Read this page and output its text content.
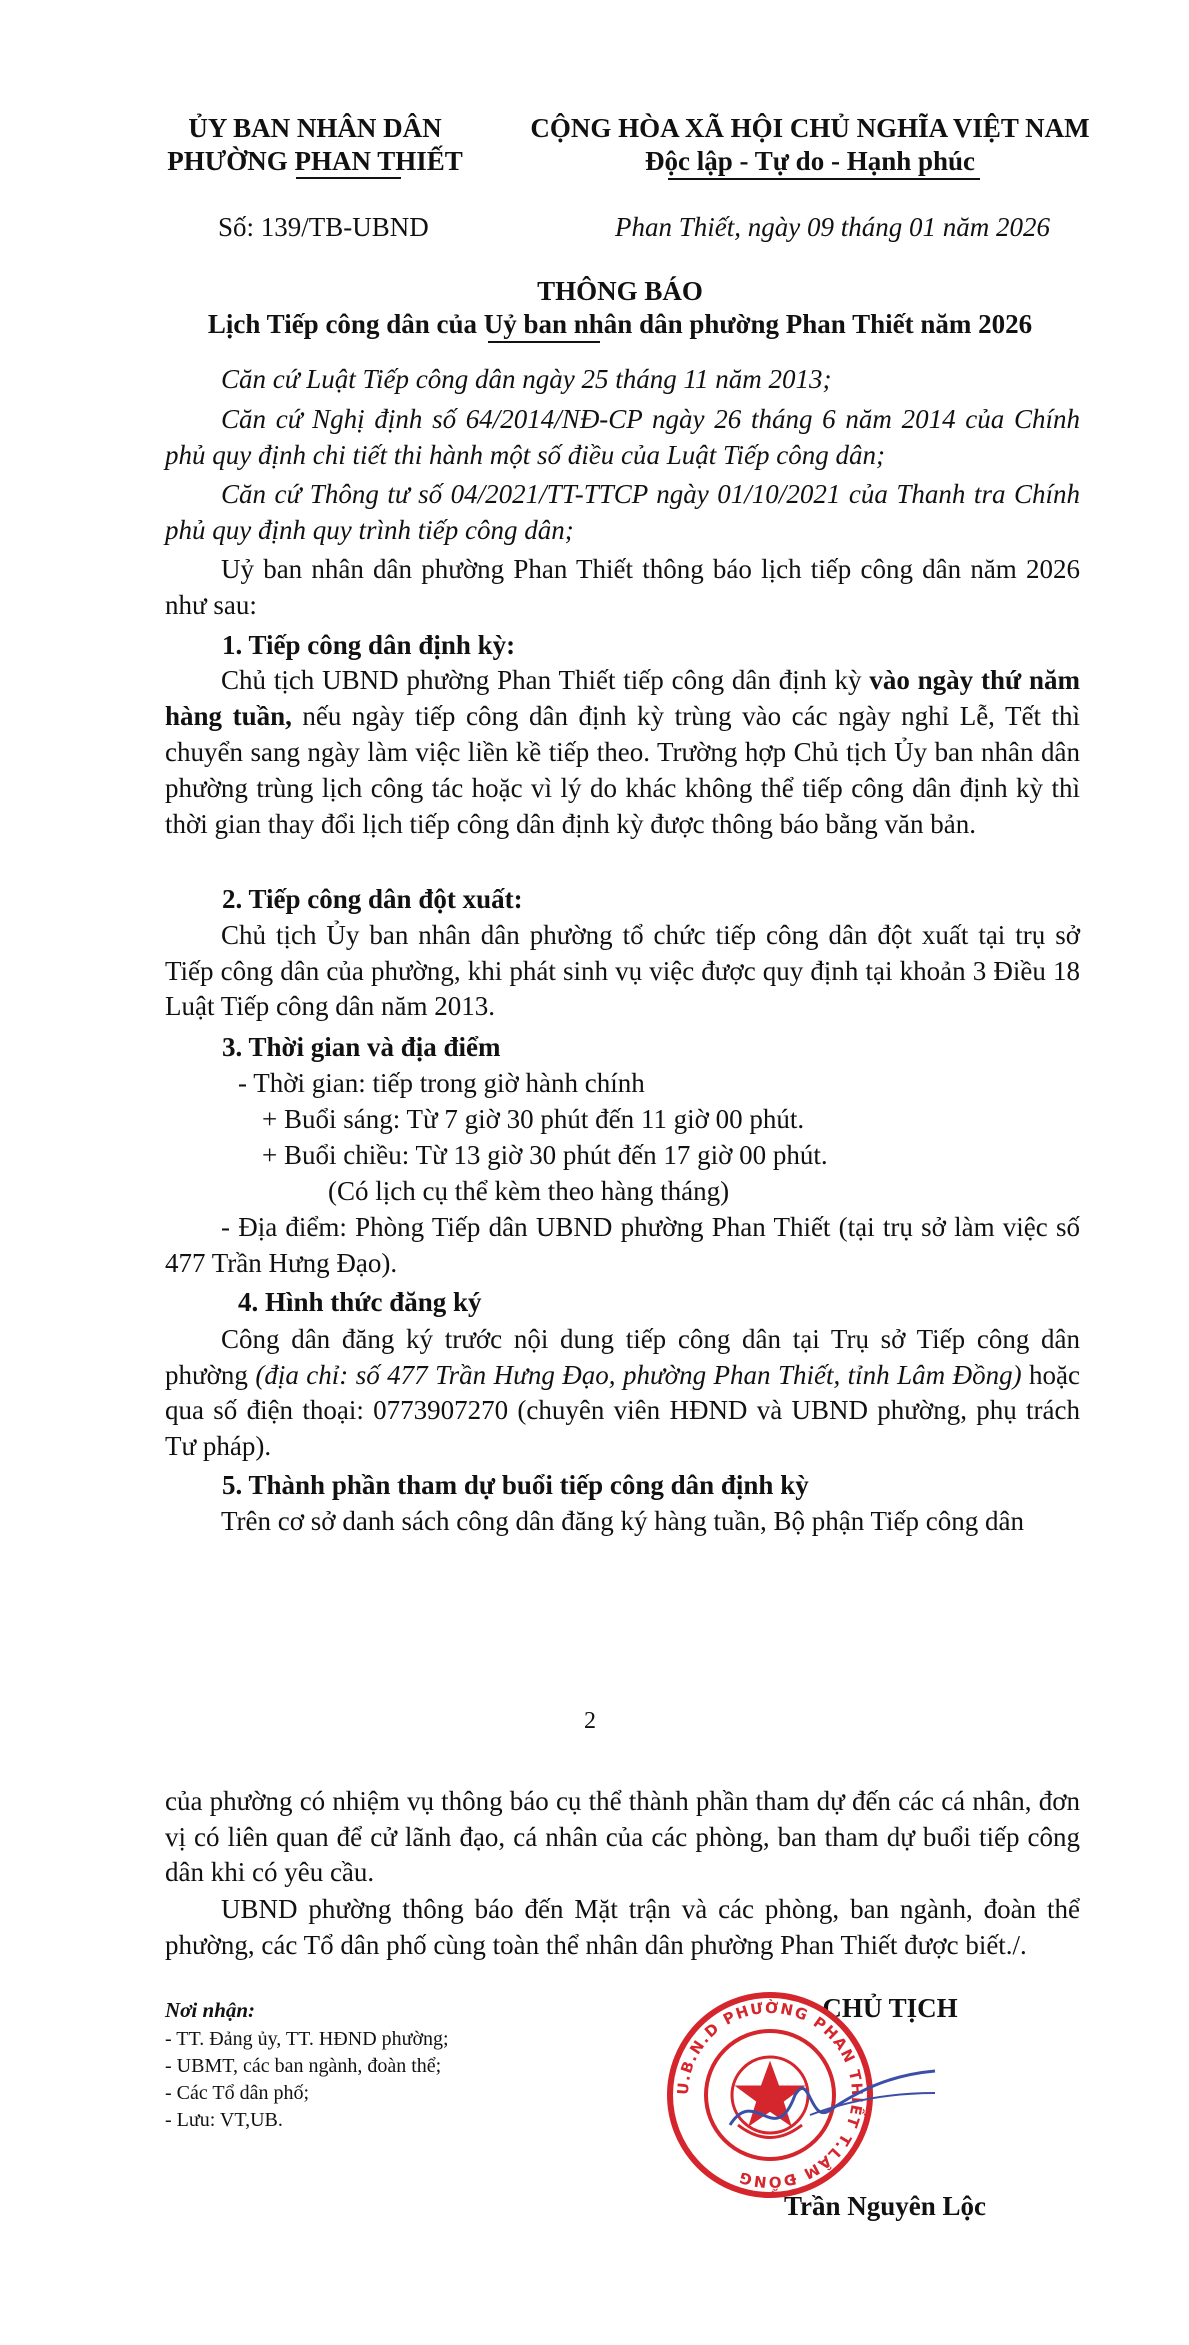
ỦY BAN NHÂN DÂN
PHƯỜNG PHAN THIẾT
CỘNG HÒA XÃ HỘI CHỦ NGHĨA VIỆT NAM
Độc lập - Tự do - Hạnh phúc
Số: 139/TB-UBND	Phan Thiết, ngày 09 tháng 01 năm 2026
THÔNG BÁO
Lịch Tiếp công dân của Uỷ ban nhân dân phường Phan Thiết năm 2026

Căn cứ Luật Tiếp công dân ngày 25 tháng 11 năm 2013;

Căn cứ Nghị định số 64/2014/NĐ-CP ngày 26 tháng 6 năm 2014 của Chính phủ quy định chi tiết thi hành một số điều của Luật Tiếp công dân;

Căn cứ Thông tư số 04/2021/TT-TTCP ngày 01/10/2021 của Thanh tra Chính phủ quy định quy trình tiếp công dân;

Uỷ ban nhân dân phường Phan Thiết thông báo lịch tiếp công dân năm 2026 như sau:

1. Tiếp công dân định kỳ:

Chủ tịch UBND phường Phan Thiết tiếp công dân định kỳ vào ngày thứ năm hàng tuần, nếu ngày tiếp công dân định kỳ trùng vào các ngày nghỉ Lễ, Tết thì chuyển sang ngày làm việc liền kề tiếp theo. Trường hợp Chủ tịch Ủy ban nhân dân phường trùng lịch công tác hoặc vì lý do khác không thể tiếp công dân định kỳ thì thời gian thay đổi lịch tiếp công dân định kỳ được thông báo bằng văn bản.

2. Tiếp công dân đột xuất:

Chủ tịch Ủy ban nhân dân phường tổ chức tiếp công dân đột xuất tại trụ sở Tiếp công dân của phường, khi phát sinh vụ việc được quy định tại khoản 3 Điều 18 Luật Tiếp công dân năm 2013.

3. Thời gian và địa điểm
- Thời gian: tiếp trong giờ hành chính
+ Buổi sáng: Từ 7 giờ 30 phút đến 11 giờ 00 phút.
+ Buổi chiều: Từ 13 giờ 30 phút đến 17 giờ 00 phút.
(Có lịch cụ thể kèm theo hàng tháng)

- Địa điểm: Phòng Tiếp dân UBND phường Phan Thiết (tại trụ sở làm việc số 477 Trần Hưng Đạo).

4. Hình thức đăng ký

Công dân đăng ký trước nội dung tiếp công dân tại Trụ sở Tiếp công dân phường (địa chỉ: số 477 Trần Hưng Đạo, phường Phan Thiết, tỉnh Lâm Đồng) hoặc qua số điện thoại: 0773907270 (chuyên viên HĐND và UBND phường, phụ trách Tư pháp).

5. Thành phần tham dự buổi tiếp công dân định kỳ

Trên cơ sở danh sách công dân đăng ký hàng tuần, Bộ phận Tiếp công dân

2

của phường có nhiệm vụ thông báo cụ thể thành phần tham dự đến các cá nhân, đơn vị có liên quan để cử lãnh đạo, cá nhân của các phòng, ban tham dự buổi tiếp công dân khi có yêu cầu.

UBND phường thông báo đến Mặt trận và các phòng, ban ngành, đoàn thể phường, các Tổ dân phố cùng toàn thể nhân dân phường Phan Thiết được biết./.

Nơi nhận:
- TT. Đảng ủy, TT. HĐND phường;
- UBMT, các ban ngành, đoàn thể;
- Các Tổ dân phố;
- Lưu: VT,UB.
CHỦ TỊCH
U.B.N.D PHƯỜNG PHAN THIẾT T.LÂM ĐỒNG
Trần Nguyên Lộc
